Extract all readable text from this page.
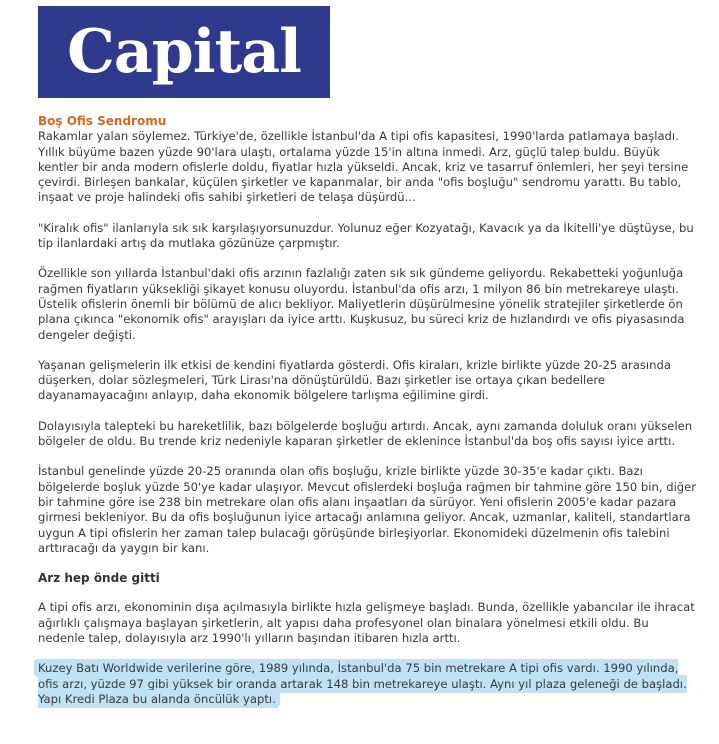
Capital
Boş Ofis Sendromu

Rakamlar yalan söylemez. Türkiye'de, özellikle İstanbul'da A tipi ofis kapasitesi, 1990'larda patlamaya başladı. Yıllık büyüme bazen yüzde 90'lara ulaştı, ortalama yüzde 15'in altına inmedi. Arz, güçlü talep buldu. Büyük kentler bir anda modern ofislerle doldu, fiyatlar hızla yükseldi. Ancak, kriz ve tasarruf önlemleri, her şeyi tersine çevirdi. Birleşen bankalar, küçülen şirketler ve kapanmalar, bir anda "ofis boşluğu" sendromu yarattı. Bu tablo, inşaat ve proje halindeki ofis sahibi şirketleri de telaşa düşürdü...

"Kiralık ofis" ilanlarıyla sık sık karşılaşıyorsunuzdur. Yolunuz eğer Kozyatağı, Kavacık ya da İkitelli'ye düştüyse, bu tip ilanlardaki artış da mutlaka gözünüze çarpmıştır.

Özellikle son yıllarda İstanbul'daki ofis arzının fazlalığı zaten sık sık gündeme geliyordu. Rekabetteki yoğunluğa rağmen fiyatların yüksekliği şikayet konusu oluyordu. İstanbul'da ofis arzı, 1 milyon 86 bin metrekareye ulaştı. Üstelik ofislerin önemli bir bölümü de alıcı bekliyor. Maliyetlerin düşürülmesine yönelik stratejiler şirketlerde ön plana çıkınca "ekonomik ofis" arayışları da iyice arttı. Kuşkusuz, bu süreci kriz de hızlandırdı ve ofis piyasasında dengeler değişti.

Yaşanan gelişmelerin ilk etkisi de kendini fiyatlarda gösterdi. Ofis kiraları, krizle birlikte yüzde 20-25 arasında düşerken, dolar sözleşmeleri, Türk Lirası'na dönüştürüldü. Bazı şirketler ise ortaya çıkan bedellere dayanamayacağını anlayıp, daha ekonomik bölgelere tarlışma eğilimine girdi.

Dolayısıyla talepteki bu hareketlilik, bazı bölgelerde boşluğu artırdı. Ancak, aynı zamanda doluluk oranı yükselen bölgeler de oldu. Bu trende kriz nedeniyle kaparan şirketler de eklenince İstanbul'da boş ofis sayısı iyice arttı.

İstanbul genelinde yüzde 20-25 oranında olan ofis boşluğu, krizle birlikte yüzde 30-35'e kadar çıktı. Bazı bölgelerde boşluk yüzde 50'ye kadar ulaşıyor. Mevcut ofislerdeki boşluğa rağmen bir tahmine göre 150 bin, diğer bir tahmine göre ise 238 bin metrekare olan ofis alanı inşaatları da sürüyor. Yeni ofislerin 2005'e kadar pazara girmesi bekleniyor. Bu da ofis boşluğunun iyice artacağı anlamına geliyor. Ancak, uzmanlar, kaliteli, standartlara uygun A tipi ofislerin her zaman talep bulacağı görüşünde birleşiyorlar. Ekonomideki düzelmenin ofis talebini arttıracağı da yaygın bir kanı.

Arz hep önde gitti

A tipi ofis arzı, ekonominin dışa açılmasıyla birlikte hızla gelişmeye başladı. Bunda, özellikle yabancılar ile ihracat ağırlıklı çalışmaya başlayan şirketlerin, alt yapısı daha profesyonel olan binalara yönelmesi etkili oldu. Bu nedenle talep, dolayısıyla arz 1990'lı yılların başından itibaren hızla arttı.

Kuzey Batı Worldwide verilerine göre, 1989 yılında, İstanbul'da 75 bin metrekare A tipi ofis vardı. 1990 yılında, ofis arzı, yüzde 97 gibi yüksek bir oranda artarak 148 bin metrekareye ulaştı. Aynı yıl plaza geleneği de başladı. Yapı Kredi Plaza bu alanda öncülük yaptı.
